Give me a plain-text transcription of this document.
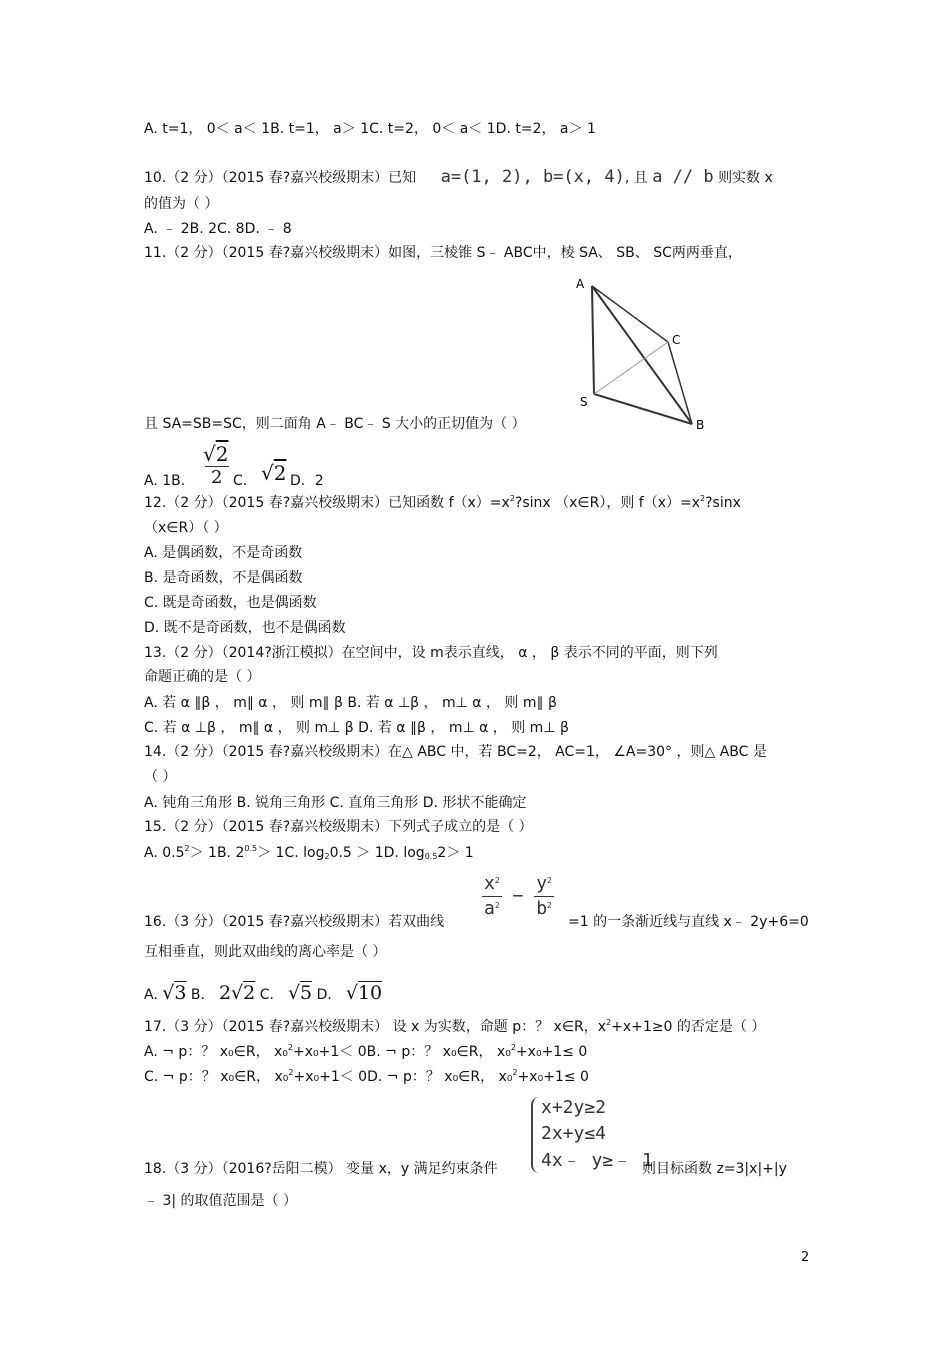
A. t=1， 0＜ a＜ 1B. t=1， a＞ 1C. t=2， 0＜ a＜ 1D. t=2， a＞ 1
10.（2 分）（2015 春?嘉兴校级期末）已知 a=(1, 2), b=(x, 4), 且 a // b 则实数 x
的值为（ ）
A. ﹣ 2B. 2C. 8D. ﹣ 8
11.（2 分）（2015 春?嘉兴校级期末）如图，三棱锥 S﹣ ABC中，棱 SA、 SB、 SC两两垂直，
A
C
S
B
且 SA=SB=SC，则二面角 A﹣ BC﹣ S 大小的正切值为（ ）
A. 1B.
√2
2 C. √2 D．2
12.（2 分）（2015 春?嘉兴校级期末）已知函数 $f(x)=x^2?\sin x$ （x∈R），则 $f(x)=x^2?\sin x$
（x∈R）（ ）
A. 是偶函数，不是奇函数
B. 是奇函数，不是偶函数
C. 既是奇函数，也是偶函数
D. 既不是奇函数，也不是偶函数
13.（2 分）（2014?浙江模拟）在空间中，设 m表示直线， α ， β 表示不同的平面，则下列
命题正确的是（ ）
A. 若 α ∥β ， m∥ α ， 则 m∥ β B. 若 α ⊥β ， m⊥ α ， 则 m∥ β
C. 若 α ⊥β ， m∥ α ， 则 m⊥ β D. 若 α ∥β ， m⊥ α ， 则 m⊥ β
14.（2 分）（2015 春?嘉兴校级期末）在△ ABC 中，若 BC=2， AC=1， ∠A=30° ，则△ ABC 是
（ ）
A. 钝角三角形 B. 锐角三角形 C. 直角三角形 D. 形状不能确定
15.（2 分）（2015 春?嘉兴校级期末）下列式子成立的是（ ）
A. $0.5^2> 1B$. $2^{0.5}> 1C$. $\log_20.5 > 1D$. $\log_{0.5}2> 1$
16.（3 分）（2015 春?嘉兴校级期末）若双曲线
$\frac{x^2}{a^2} - \frac{y^2}{b^2}$
=1 的一条渐近线与直线 x﹣ 2y+6=0
互相垂直，则此双曲线的离心率是（ ）
A. √3 B． 2√2 C． √5 D． √10
17.（3 分）（2015 春?嘉兴校级期末） 设 x 为实数，命题 p：？ x∈R，$x^2+x+1\ge 0$ 的否定是（ ）
A. ¬ p：？ x₀∈R， x₀$^2$+x₀+1＜ 0B. ¬ p：？ x₀∈R， x₀$^2$+x₀+1≤ 0
C. ¬ p：？ x₀∈R， x₀$^2$+x₀+1＜ 0D. ¬ p：？ x₀∈R， x₀$^2$+x₀+1≤ 0
x+2y≥2
2x+y≤4
4x﹣ y≥﹣ 1
18.（3 分）（2016?岳阳二模） 变量 x，y 满足约束条件	则目标函数 z=3|x|+|y
﹣ 3| 的取值范围是（ ）
2
